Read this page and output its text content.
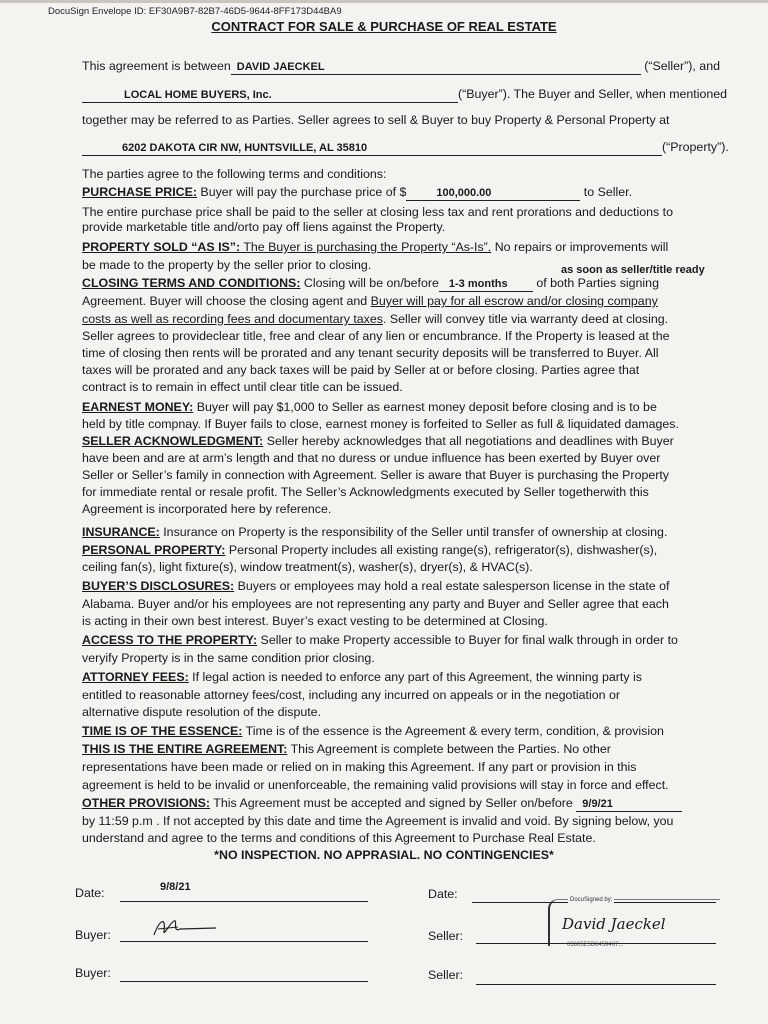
DocuSign Envelope ID: EF30A9B7-82B7-46D5-9644-8FF173D44BA9
CONTRACT FOR SALE & PURCHASE OF REAL ESTATE
This agreement is between DAVID JAECKEL	(“Seller”), and
LOCAL HOME BUYERS, Inc.	(“Buyer”). The Buyer and Seller, when mentioned
together may be referred to as Parties. Seller agrees to sell & Buyer to buy Property & Personal Property at
6202 DAKOTA CIR NW, HUNTSVILLE, AL 35810	(“Property”).
The parties agree to the following terms and conditions:
PURCHASE PRICE: Buyer will pay the purchase price of $	100,000.00	to Seller.
The entire purchase price shall be paid to the seller at closing less tax and rent prorations and deductions to
provide marketable title and/orto pay off liens against the Property.
PROPERTY SOLD “AS IS”: The Buyer is purchasing the Property “As-Is”. No repairs or improvements will
be made to the property by the seller prior to closing.	as soon as seller/title ready
CLOSING TERMS AND CONDITIONS: Closing will be on/before 1-3 months of both Parties signing
Agreement. Buyer will choose the closing agent and Buyer will pay for all escrow and/or closing company
costs as well as recording fees and documentary taxes. Seller will convey title via warranty deed at closing.
Seller agrees to provideclear title, free and clear of any lien or encumbrance. If the Property is leased at the
time of closing then rents will be prorated and any tenant security deposits will be transferred to Buyer. All
taxes will be prorated and any back taxes will be paid by Seller at or before closing. Parties agree that
contract is to remain in effect until clear title can be issued.
EARNEST MONEY: Buyer will pay $1,000 to Seller as earnest money deposit before closing and is to be
held by title compnay. If Buyer fails to close, earnest money is forfeited to Seller as full & liquidated damages.
SELLER ACKNOWLEDGMENT: Seller hereby acknowledges that all negotiations and deadlines with Buyer
have been and are at arm’s length and that no duress or undue influence has been exerted by Buyer over
Seller or Seller’s family in connection with Agreement. Seller is aware that Buyer is purchasing the Property
for immediate rental or resale profit. The Seller’s Acknowledgments executed by Seller togetherwith this
Agreement is incorporated here by reference.
INSURANCE: Insurance on Property is the responsibility of the Seller until transfer of ownership at closing.
PERSONAL PROPERTY: Personal Property includes all existing range(s), refrigerator(s), dishwasher(s),
ceiling fan(s), light fixture(s), window treatment(s), washer(s), dryer(s), & HVAC(s).
BUYER’S DISCLOSURES: Buyers or employees may hold a real estate salesperson license in the state of
Alabama. Buyer and/or his employees are not representing any party and Buyer and Seller agree that each
is acting in their own best interest. Buyer’s exact vesting to be determined at Closing.
ACCESS TO THE PROPERTY: Seller to make Property accessible to Buyer for final walk through in order to
veryify Property is in the same condition prior closing.
ATTORNEY FEES: If legal action is needed to enforce any part of this Agreement, the winning party is
entitled to reasonable attorney fees/cost, including any incurred on appeals or in the negotiation or
alternative dispute resolution of the dispute.
TIME IS OF THE ESSENCE: Time is of the essence is the Agreement & every term, condition, & provision
THIS IS THE ENTIRE AGREEMENT: This Agreement is complete between the Parties. No other
representations have been made or relied on in making this Agreement. If any part or provision in this
agreement is held to be invalid or unenforceable, the remaining valid provisions will stay in force and effect.
OTHER PROVISIONS: This Agreement must be accepted and signed by Seller on/before 9/9/21
by 11:59 p.m . If not accepted by this date and time the Agreement is invalid and void. By signing below, you
understand and agree to the terms and conditions of this Agreement to Purchase Real Estate.
*NO INSPECTION. NO APPRASIAL. NO CONTINGENCIES*
Date:	9/8/21
Buyer:
Buyer:
Date:	DocuSigned by:
David Jaeckel
03605E5B6459467...
Seller:
Seller:
